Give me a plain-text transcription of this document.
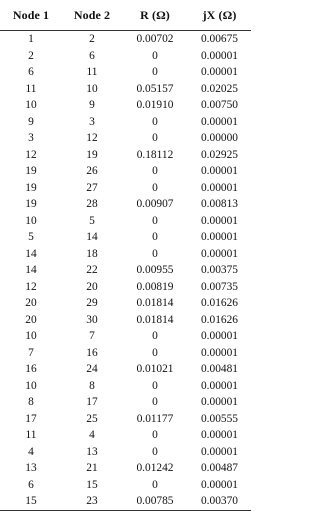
Node 1	Node 2	R (Ω)	jX (Ω)
1	2	0.00702	0.00675
2	6	0	0.00001
6	11	0	0.00001
11	10	0.05157	0.02025
10	9	0.01910	0.00750
9	3	0	0.00001
3	12	0	0.00000
12	19	0.18112	0.02925
19	26	0	0.00001
19	27	0	0.00001
19	28	0.00907	0.00813
10	5	0	0.00001
5	14	0	0.00001
14	18	0	0.00001
14	22	0.00955	0.00375
12	20	0.00819	0.00735
20	29	0.01814	0.01626
20	30	0.01814	0.01626
10	7	0	0.00001
7	16	0	0.00001
16	24	0.01021	0.00481
10	8	0	0.00001
8	17	0	0.00001
17	25	0.01177	0.00555
11	4	0	0.00001
4	13	0	0.00001
13	21	0.01242	0.00487
6	15	0	0.00001
15	23	0.00785	0.00370
